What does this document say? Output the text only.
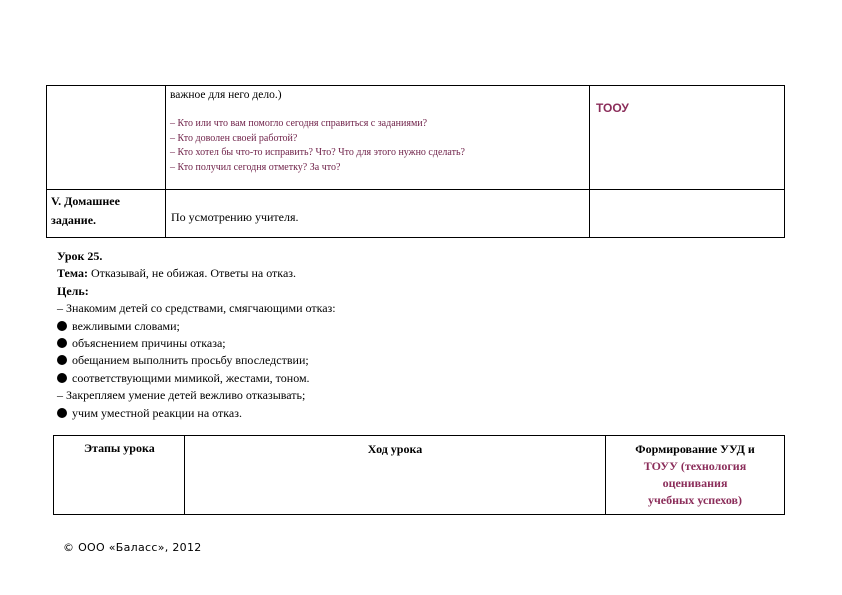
	важное для него дело.)
– Кто или что вам помогло сегодня справиться с заданиями?
– Кто доволен своей работой?
– Кто хотел бы что-то исправить? Что? Что для этого нужно сделать?
– Кто получил сегодня отметку? За что?	ТООУ

V. Домашнее
задание.	По усмотрению учителя.	

Урок 25.
Тема: Отказывай, не обижая. Ответы на отказ.
Цель:
– Знакомим детей со средствами, смягчающими отказ:
вежливыми словами;
объяснением причины отказа;
обещанием выполнить просьбу впоследствии;
соответствующими мимикой, жестами, тоном.
– Закрепляем умение детей вежливо отказывать;
учим уместной реакции на отказ.
Этапы урока	Ход урока	Формирование УУД и
ТОУУ (технология
оценивания
учебных успехов)
© ООО «Баласс», 2012
